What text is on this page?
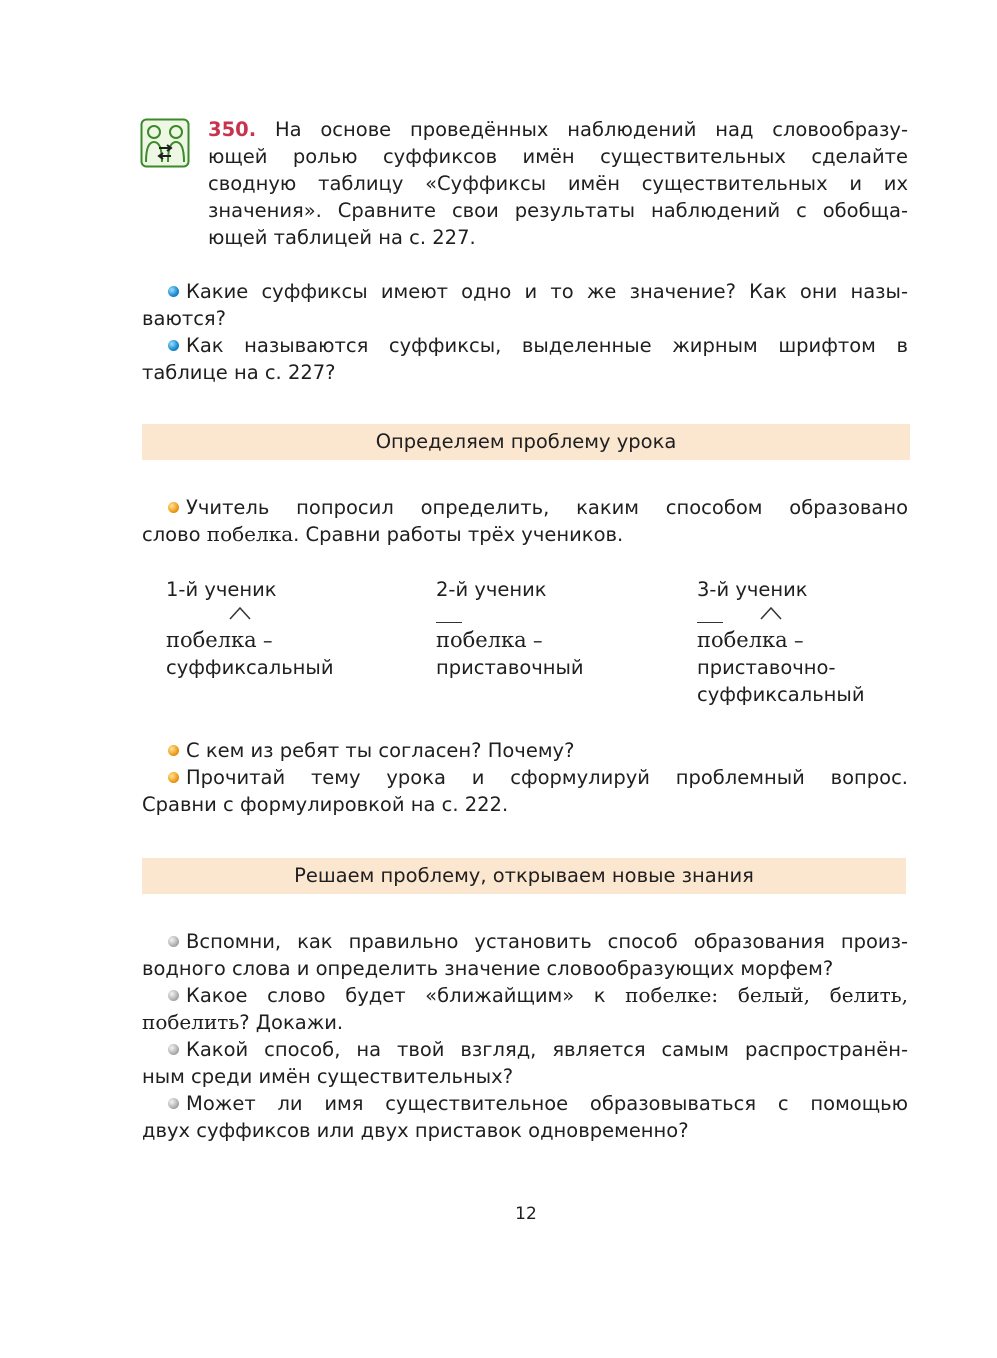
350. На основе проведённых наблюдений над словообразу-
ющей ролью суффиксов имён существительных сделайте
сводную таблицу «Суффиксы имён существительных и их
значения». Сравните свои результаты наблюдений с обобща-
ющей таблицей на с. 227.
Какие суффиксы имеют одно и то же значение? Как они назы-
ваются?
Как называются суффиксы, выделенные жирным шрифтом в
таблице на с. 227?
Определяем проблему урока
Учитель попросил определить, каким способом образовано
слово побелка. Сравни работы трёх учеников.
1-й ученик	2-й ученик	3-й ученик
побелка
–
суффиксальный
побелка
–
приставочный
побелка
–
приставочно-
суффиксальный
С кем из ребят ты согласен? Почему?
Прочитай тему урока и сформулируй проблемный вопрос.
Сравни с формулировкой на с. 222.
Решаем проблему, открываем новые знания
Вспомни, как правильно установить способ образования произ-
водного слова и определить значение словообразующих морфем?
Какое слово будет «ближайщим» к побелке: белый, белить,
побелить? Докажи.
Какой способ, на твой взгляд, является самым распространён-
ным среди имён существительных?
Может ли имя существительное образовываться с помощью
двух суффиксов или двух приставок одновременно?
12
